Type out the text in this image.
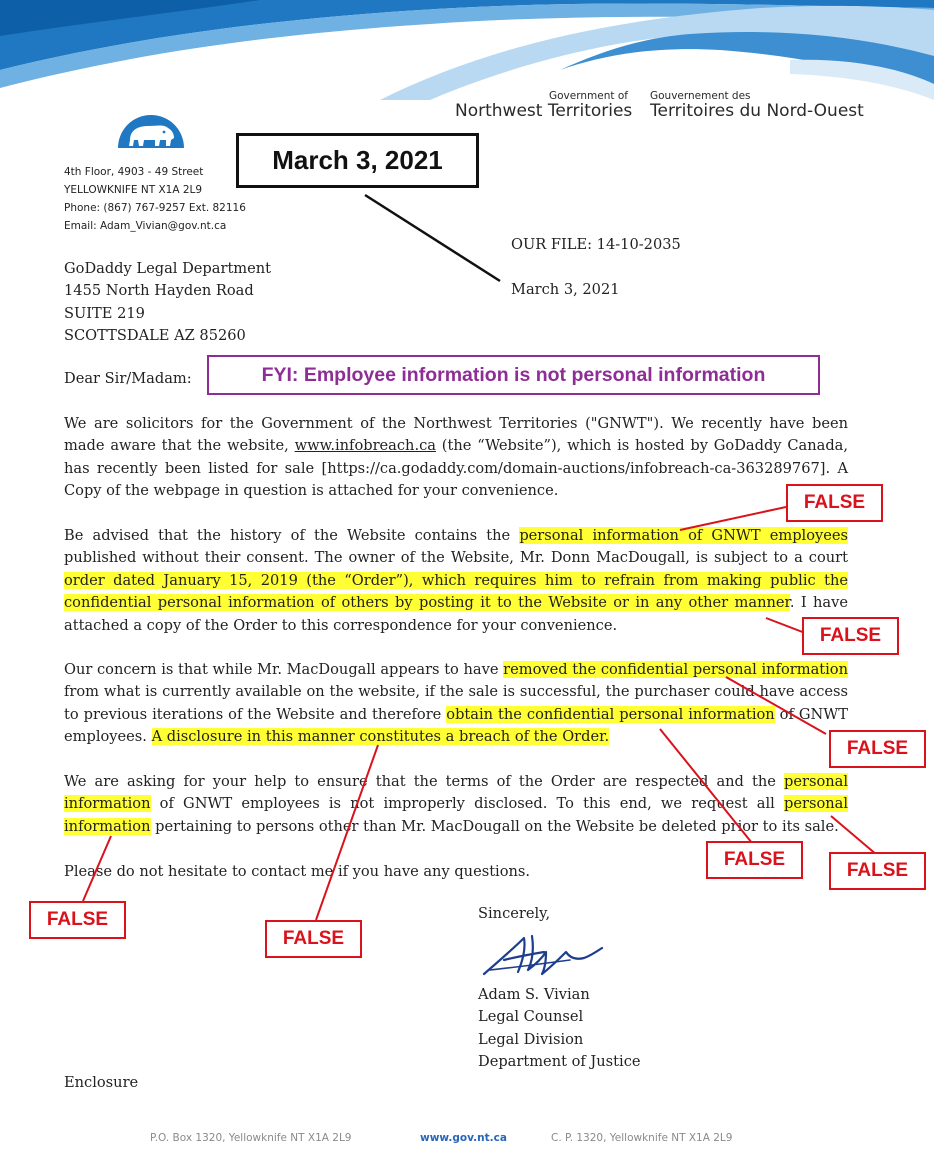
Government of Gouvernement des
Northwest Territories Territoires du Nord-Ouest
4th Floor, 4903 - 49 Street
YELLOWKNIFE NT X1A 2L9
Phone: (867) 767-9257 Ext. 82116
Email: Adam_Vivian@gov.nt.ca
OUR FILE: 14-10-2035
March 3, 2021
GoDaddy Legal Department
1455 North Hayden Road
SUITE 219
SCOTTSDALE AZ 85260
Dear Sir/Madam:
We are solicitors for the Government of the Northwest Territories ("GNWT"). We recently have been
made aware that the website, www.infobreach.ca (the “Website”), which is hosted by GoDaddy Canada,
has recently been listed for sale [https://ca.godaddy.com/domain-auctions/infobreach-ca-363289767]. A
Copy of the webpage in question is attached for your convenience.
Be advised that the history of the Website contains the personal information of GNWT employees
published without their consent. The owner of the Website, Mr. Donn MacDougall, is subject to a court
order dated January 15, 2019 (the “Order”), which requires him to refrain from making public the
confidential personal information of others by posting it to the Website or in any other manner. I have
attached a copy of the Order to this correspondence for your convenience.
Our concern is that while Mr. MacDougall appears to have removed the confidential personal information
from what is currently available on the website, if the sale is successful, the purchaser could have access
to previous iterations of the Website and therefore obtain the confidential personal information of GNWT
employees. A disclosure in this manner constitutes a breach of the Order.
We are asking for your help to ensure that the terms of the Order are respected and the personal
information of GNWT employees is not improperly disclosed. To this end, we request all personal
information pertaining to persons other than Mr. MacDougall on the Website be deleted prior to its sale.
Please do not hesitate to contact me if you have any questions.
Sincerely,
Adam S. Vivian
Legal Counsel
Legal Division
Department of Justice
Enclosure
P.O. Box 1320, Yellowknife NT X1A 2L9	www.gov.nt.ca	C. P. 1320, Yellowknife NT X1A 2L9
March 3, 2021
FYI: Employee information is not personal information
FALSE
FALSE
FALSE
FALSE
FALSE
FALSE
FALSE
